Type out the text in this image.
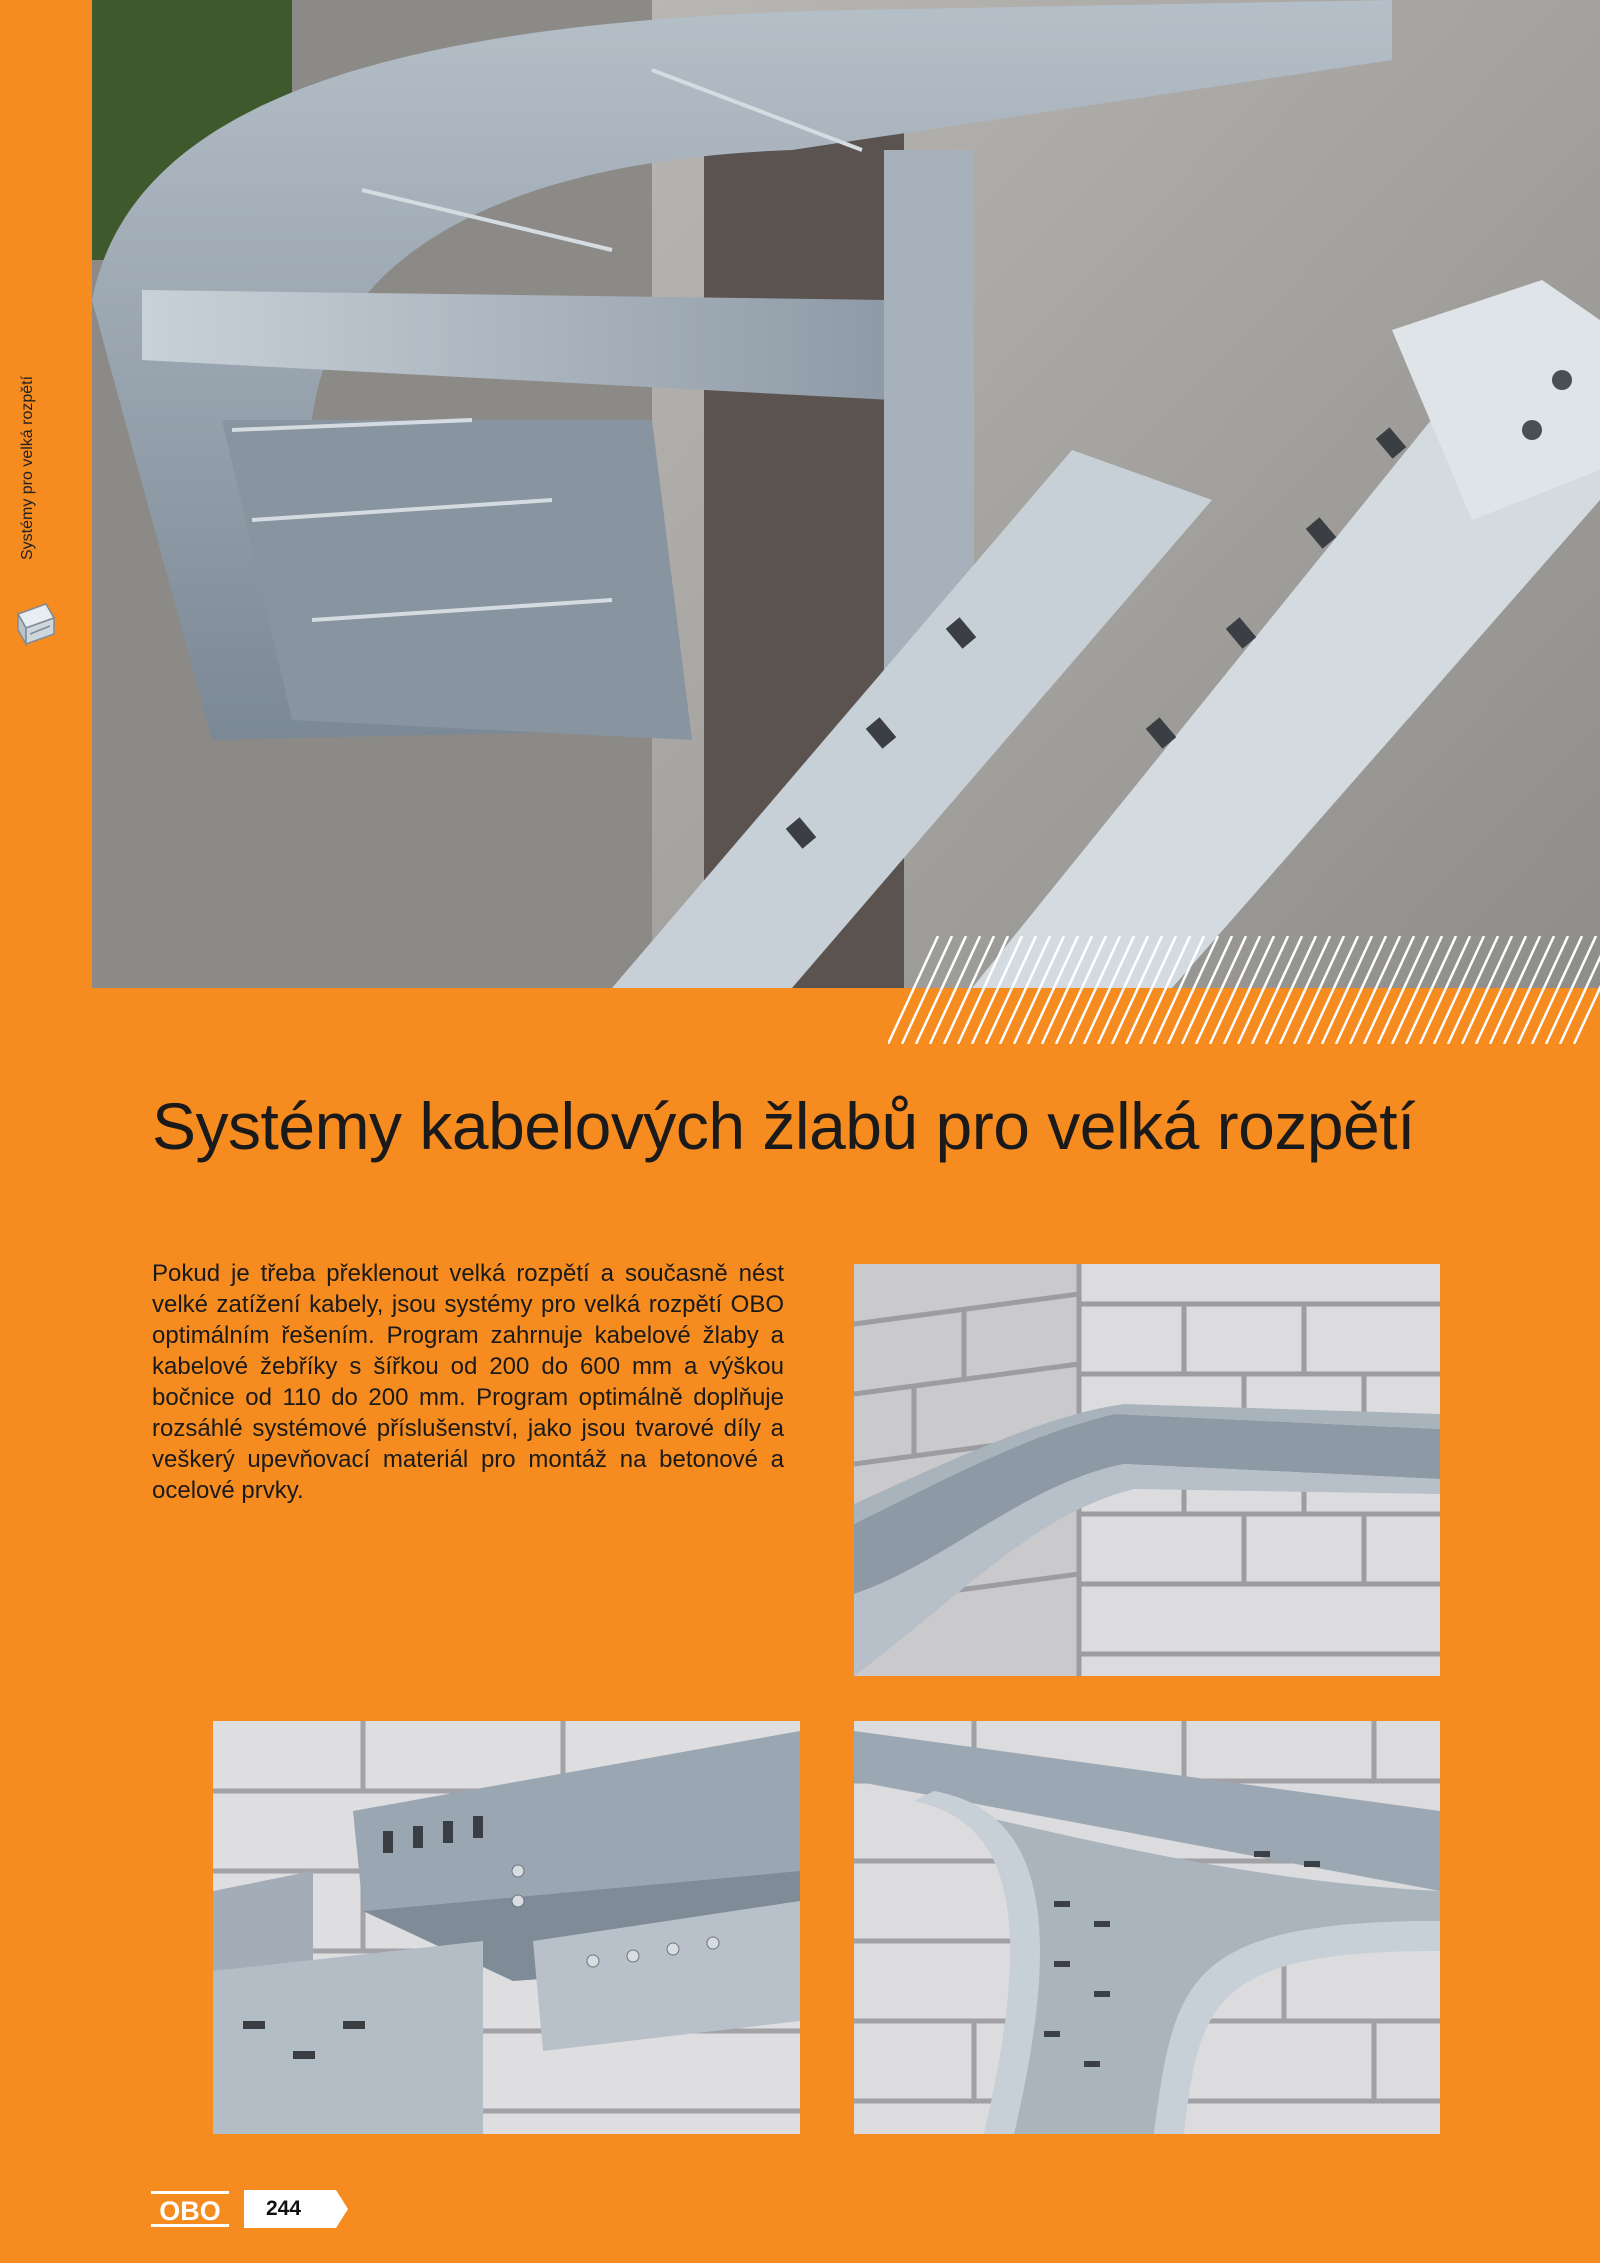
Systémy pro velká rozpětí
Systémy kabelových žlabů pro velká rozpětí

Pokud je třeba překlenout velká rozpětí a současně nést velké zatížení kabely, jsou systémy pro velká rozpětí OBO optimálním řešením. Program zahrnuje kabelové žlaby a kabelové žebříky s šířkou od 200 do 600 mm a výškou bočnice od 110 do 200 mm. Program optimálně doplňuje rozsáhlé systémové příslušenství, jako jsou tvarové díly a veškerý upevňovací materiál pro montáž na betonové a ocelové prvky.

OBO 244
